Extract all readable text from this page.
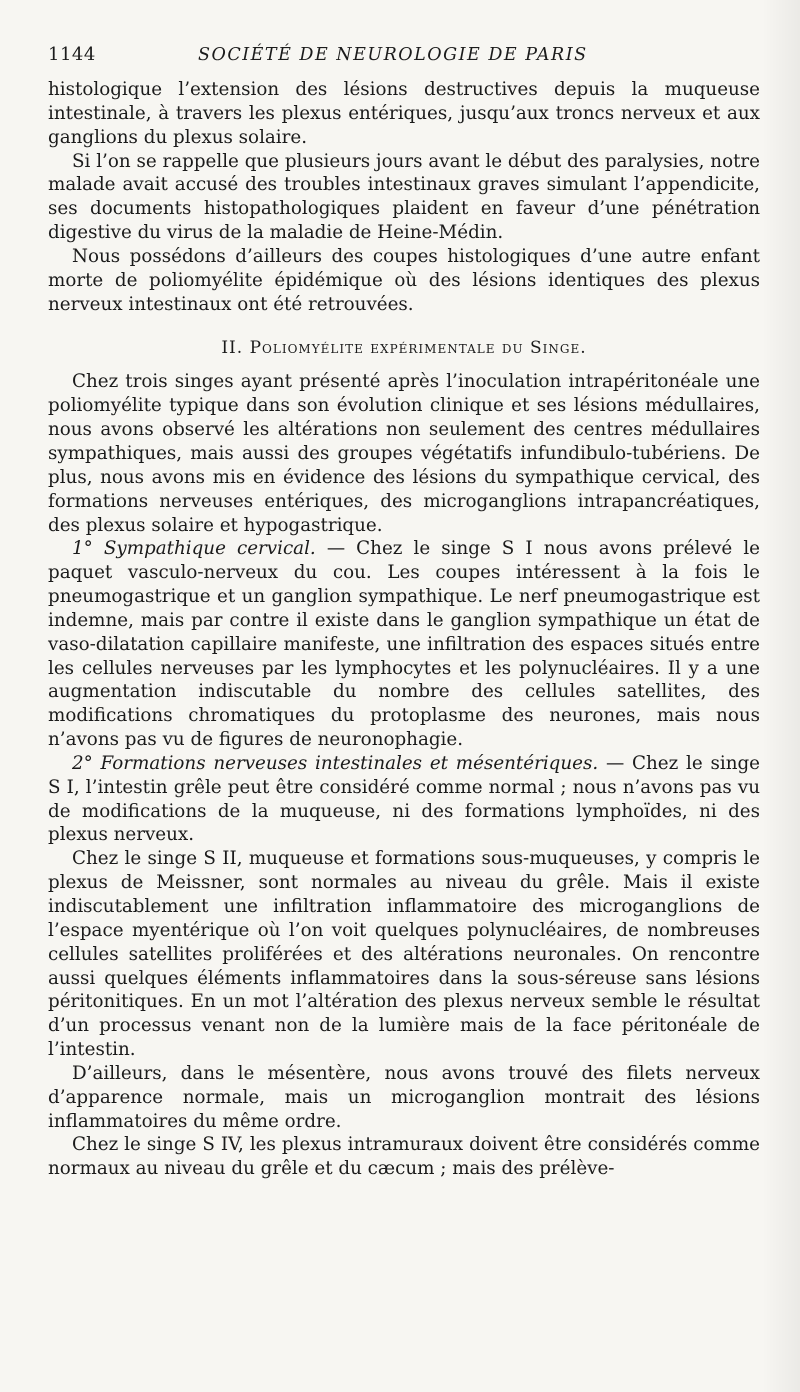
1144	SOCIÉTÉ DE NEUROLOGIE DE PARIS

histologique l’extension des lésions destructives depuis la muqueuse intestinale, à travers les plexus entériques, jusqu’aux troncs nerveux et aux ganglions du plexus solaire.

Si l’on se rappelle que plusieurs jours avant le début des paralysies, notre malade avait accusé des troubles intestinaux graves simulant l’appendicite, ses documents histopathologiques plaident en faveur d’une pénétration digestive du virus de la maladie de Heine-Médin.

Nous possédons d’ailleurs des coupes histologiques d’une autre enfant morte de poliomyélite épidémique où des lésions identiques des plexus nerveux intestinaux ont été retrouvées.

II. Poliomyélite expérimentale du Singe.

Chez trois singes ayant présenté après l’inoculation intrapéritonéale une poliomyélite typique dans son évolution clinique et ses lésions médullaires, nous avons observé les altérations non seulement des centres médullaires sympathiques, mais aussi des groupes végétatifs infundibulo-tubériens. De plus, nous avons mis en évidence des lésions du sympathique cervical, des formations nerveuses entériques, des microganglions intrapancréatiques, des plexus solaire et hypogastrique.

1° Sympathique cervical. — Chez le singe S I nous avons prélevé le paquet vasculo-nerveux du cou. Les coupes intéressent à la fois le pneumogastrique et un ganglion sympathique. Le nerf pneumogastrique est indemne, mais par contre il existe dans le ganglion sympathique un état de vaso-dilatation capillaire manifeste, une infiltration des espaces situés entre les cellules nerveuses par les lymphocytes et les polynucléaires. Il y a une augmentation indiscutable du nombre des cellules satellites, des modifications chromatiques du protoplasme des neurones, mais nous n’avons pas vu de figures de neuronophagie.

2° Formations nerveuses intestinales et mésentériques. — Chez le singe S I, l’intestin grêle peut être considéré comme normal ; nous n’avons pas vu de modifications de la muqueuse, ni des formations lymphoïdes, ni des plexus nerveux.

Chez le singe S II, muqueuse et formations sous-muqueuses, y compris le plexus de Meissner, sont normales au niveau du grêle. Mais il existe indiscutablement une infiltration inflammatoire des microganglions de l’espace myentérique où l’on voit quelques polynucléaires, de nombreuses cellules satellites proliférées et des altérations neuronales. On rencontre aussi quelques éléments inflammatoires dans la sous-séreuse sans lésions péritonitiques. En un mot l’altération des plexus nerveux semble le résultat d’un processus venant non de la lumière mais de la face péritonéale de l’intestin.

D’ailleurs, dans le mésentère, nous avons trouvé des filets nerveux d’apparence normale, mais un microganglion montrait des lésions inflammatoires du même ordre.

Chez le singe S IV, les plexus intramuraux doivent être considérés comme normaux au niveau du grêle et du cæcum ; mais des prélève-
